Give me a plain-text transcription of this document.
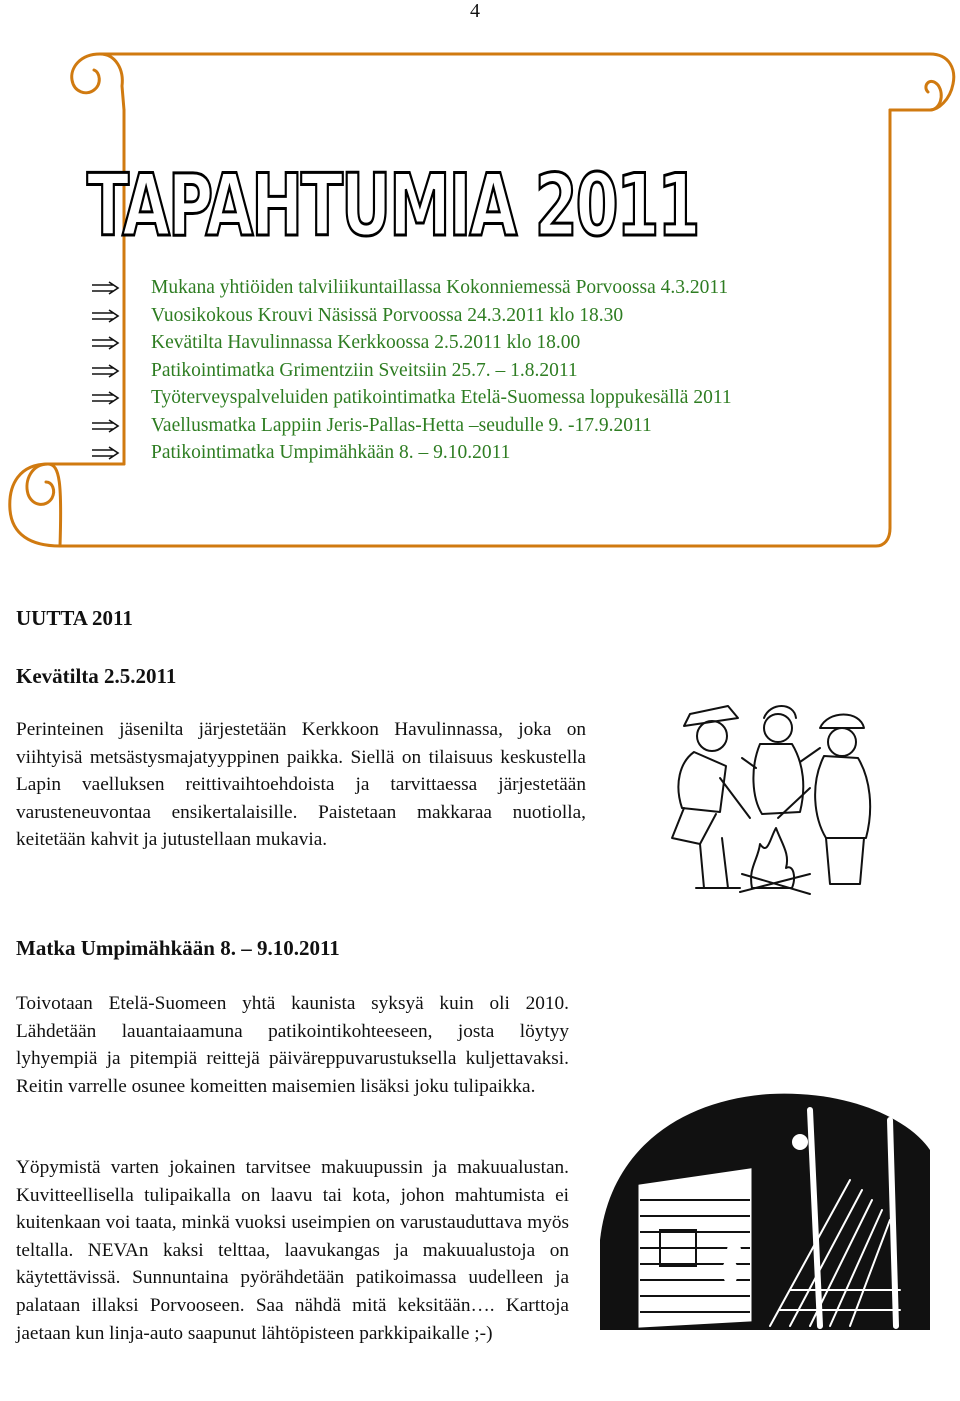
4
TAPAHTUMIA 2011
Mukana yhtiöiden talviliikuntaillassa Kokonniemessä Porvoossa 4.3.2011
Vuosikokous Krouvi Näsissä Porvoossa 24.3.2011 klo 18.30
Kevätilta Havulinnassa Kerkkoossa 2.5.2011 klo 18.00
Patikointimatka Grimentziin Sveitsiin 25.7. – 1.8.2011
Työterveyspalveluiden patikointimatka Etelä-Suomessa loppukesällä 2011
Vaellusmatka Lappiin Jeris-Pallas-Hetta –seudulle 9. -17.9.2011
Patikointimatka Umpimähkään 8. – 9.10.2011
UUTTA 2011
Kevätilta 2.5.2011

Perinteinen jäsenilta järjestetään Kerkkoon Havulinnassa, joka on viihtyisä metsästysmajatyyppinen paikka. Siellä on tilaisuus keskustella Lapin vaelluksen reittivaihtoehdoista ja tarvittaessa järjestetään varusteneuvontaa ensikertalaisille. Paistetaan makkaraa nuotiolla, keitetään kahvit ja jutustellaan mukavia.

Matka Umpimähkään 8. – 9.10.2011

Toivotaan Etelä-Suomeen yhtä kaunista syksyä kuin oli 2010. Lähdetään lauantaiaamuna patikointikohteeseen, josta löytyy lyhyempiä ja pitempiä reittejä päiväreppuvarustuksella kuljettavaksi. Reitin varrelle osunee komeitten maisemien lisäksi joku tulipaikka.

Yöpymistä varten jokainen tarvitsee makuupussin ja makuualustan. Kuvitteellisella tulipaikalla on laavu tai kota, johon mahtumista ei kuitenkaan voi taata, minkä vuoksi useimpien on varustauduttava myös teltalla. NEVAn kaksi telttaa, laavukangas ja makuualustoja on käytettävissä. Sunnuntaina pyörähdetään patikoimassa uudelleen ja palataan illaksi Porvooseen. Saa nähdä mitä keksitään…. Karttoja jaetaan kun linja-auto saapunut lähtöpisteen parkkipaikalle ;-)
